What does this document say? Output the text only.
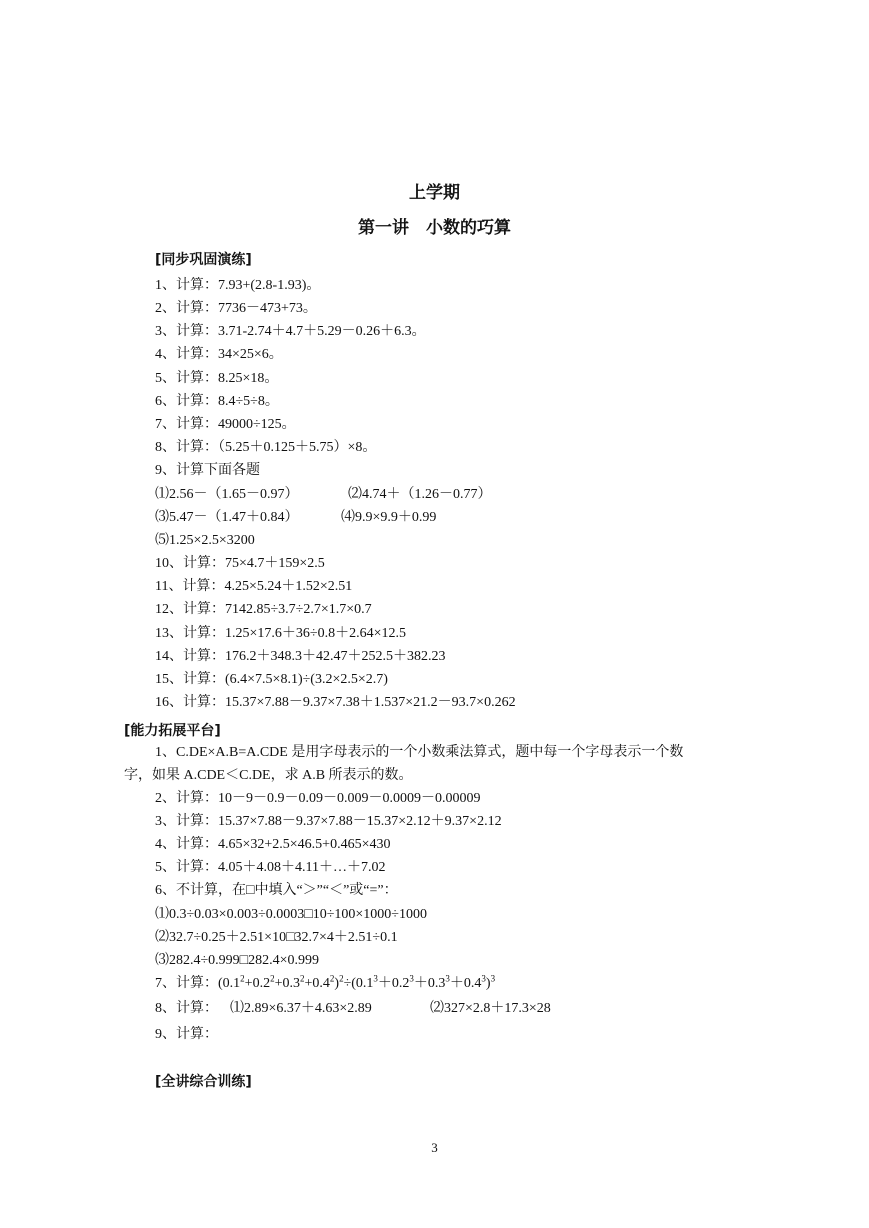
上学期
第一讲　小数的巧算
[同步巩固演练]
1、计算：7.93+(2.8-1.93)。
2、计算：7736－473+73。
3、计算：3.71-2.74＋4.7＋5.29－0.26＋6.3。
4、计算：34×25×6。
5、计算：8.25×18。
6、计算：8.4÷5÷8。
7、计算：49000÷125。
8、计算：（5.25＋0.125＋5.75）×8。
9、计算下面各题
⑴2.56－（1.65－0.97）	⑵4.74＋（1.26－0.77）
⑶5.47－（1.47＋0.84）	⑷9.9×9.9＋0.99
⑸1.25×2.5×3200
10、计算：75×4.7＋159×2.5
11、计算：4.25×5.24＋1.52×2.51
12、计算：7142.85÷3.7÷2.7×1.7×0.7
13、计算：1.25×17.6＋36÷0.8＋2.64×12.5
14、计算：176.2＋348.3＋42.47＋252.5＋382.23
15、计算：(6.4×7.5×8.1)÷(3.2×2.5×2.7)
16、计算：15.37×7.88－9.37×7.38＋1.537×21.2－93.7×0.262
[能力拓展平台]
1、C.DE×A.B=A.CDE 是用字母表示的一个小数乘法算式，题中每一个字母表示一个数
字，如果 A.CDE＜C.DE，求 A.B 所表示的数。
2、计算：10－9－0.9－0.09－0.009－0.0009－0.00009
3、计算：15.37×7.88－9.37×7.88－15.37×2.12＋9.37×2.12
4、计算：4.65×32+2.5×46.5+0.465×430
5、计算：4.05＋4.08＋4.11＋…＋7.02
6、不计算，在□中填入“＞”“＜”或“=”：
⑴0.3÷0.03×0.003÷0.0003□10÷100×1000÷1000
⑵32.7÷0.25＋2.51×10□32.7×4＋2.51÷0.1
⑶282.4÷0.999□282.4×0.999
7、计算：$(0.1^2+0.2^2+0.3^2+0.4^2)^2\div(0.1^3+0.2^3+0.3^3+0.4^3)^3$
8、计算： ⑴2.89×6.37＋4.63×2.89	⑵327×2.8＋17.3×28
9、计算：
[全讲综合训练]
3
